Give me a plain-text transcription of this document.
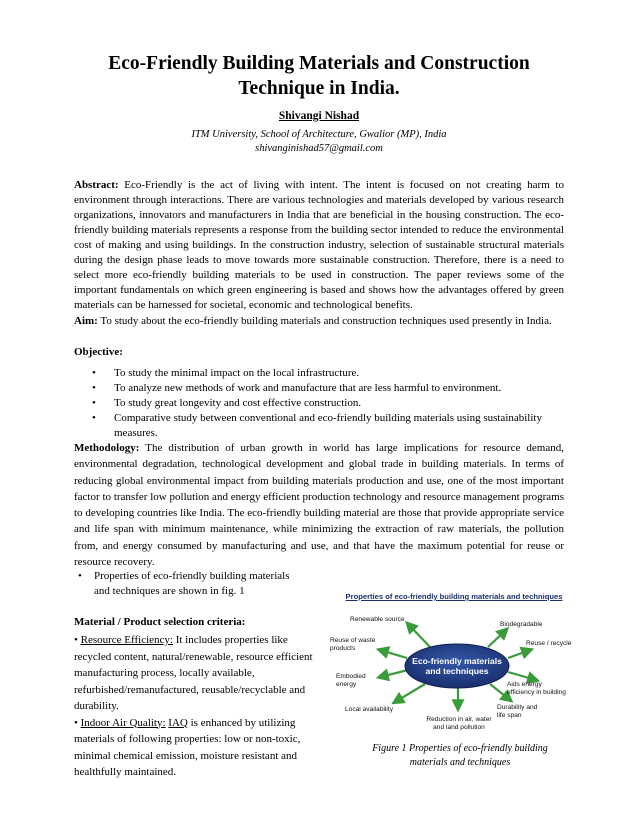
Eco-Friendly Building Materials and Construction
Technique in India.
Shivangi Nishad
ITM University, School of Architecture, Gwalior (MP), India
shivanginishad57@gmail.com
Abstract: Eco-Friendly is the act of living with intent. The intent is focused on not creating harm to environment through interactions. There are various technologies and materials developed by various research organizations, innovators and manufacturers in India that are beneficial in the housing construction. The eco-friendly building materials represents a response from the building sector intended to reduce the environmental cost of making and using buildings. In the construction industry, selection of sustainable structural materials during the design phase leads to move towards more sustainable construction. Therefore, there is a need to select more eco-friendly building materials to be used in construction. The paper reviews some of the important fundamentals on which green engineering is based and shows how the advantages offered by green materials can be harnessed for societal, economic and technological benefits.
Aim: To study about the eco-friendly building materials and construction techniques used presently in India.
Objective:
• To study the minimal impact on the local infrastructure.
• To analyze new methods of work and manufacture that are less harmful to environment.
• To study great longevity and cost effective construction.
• Comparative study between conventional and eco-friendly building materials using sustainability measures.
Methodology: The distribution of urban growth in world has large implications for resource demand, environmental degradation, technological development and global trade in building materials. In terms of reducing global environmental impact from building materials production and use, one of the most important factor to transfer low pollution and energy efficient production technology and resource management programs to developing countries like India. The eco-friendly building material are those that provide appropriate service and life span with minimum maintenance, while minimizing the extraction of raw materials, the pollution from, and energy consumed by manufacturing and use, and that have the maximum potential for reuse or resource recovery.
• Properties of eco-friendly building materials and techniques are shown in fig. 1
Material / Product selection criteria:
• Resource Efficiency: It includes properties like recycled content, natural/renewable, resource efficient manufacturing process, locally available, refurbished/remanufactured, reusable/recyclable and durability.
• Indoor Air Quality: IAQ is enhanced by utilizing materials of following properties: low or non-toxic, minimal chemical emission, moisture resistant and healthfully maintained.
Properties of eco-friendly building materials and techniques
Eco-friendly materials
and techniques
Renewable source
Biodegradable
Reuse of waste
products
Reuse / recycle
Embodied
energy	Aids energy
efficiency in building
Local availability	Durability and
life span
Reduction in air, water
and land pollution
Figure 1 Properties of eco-friendly building
materials and techniques
